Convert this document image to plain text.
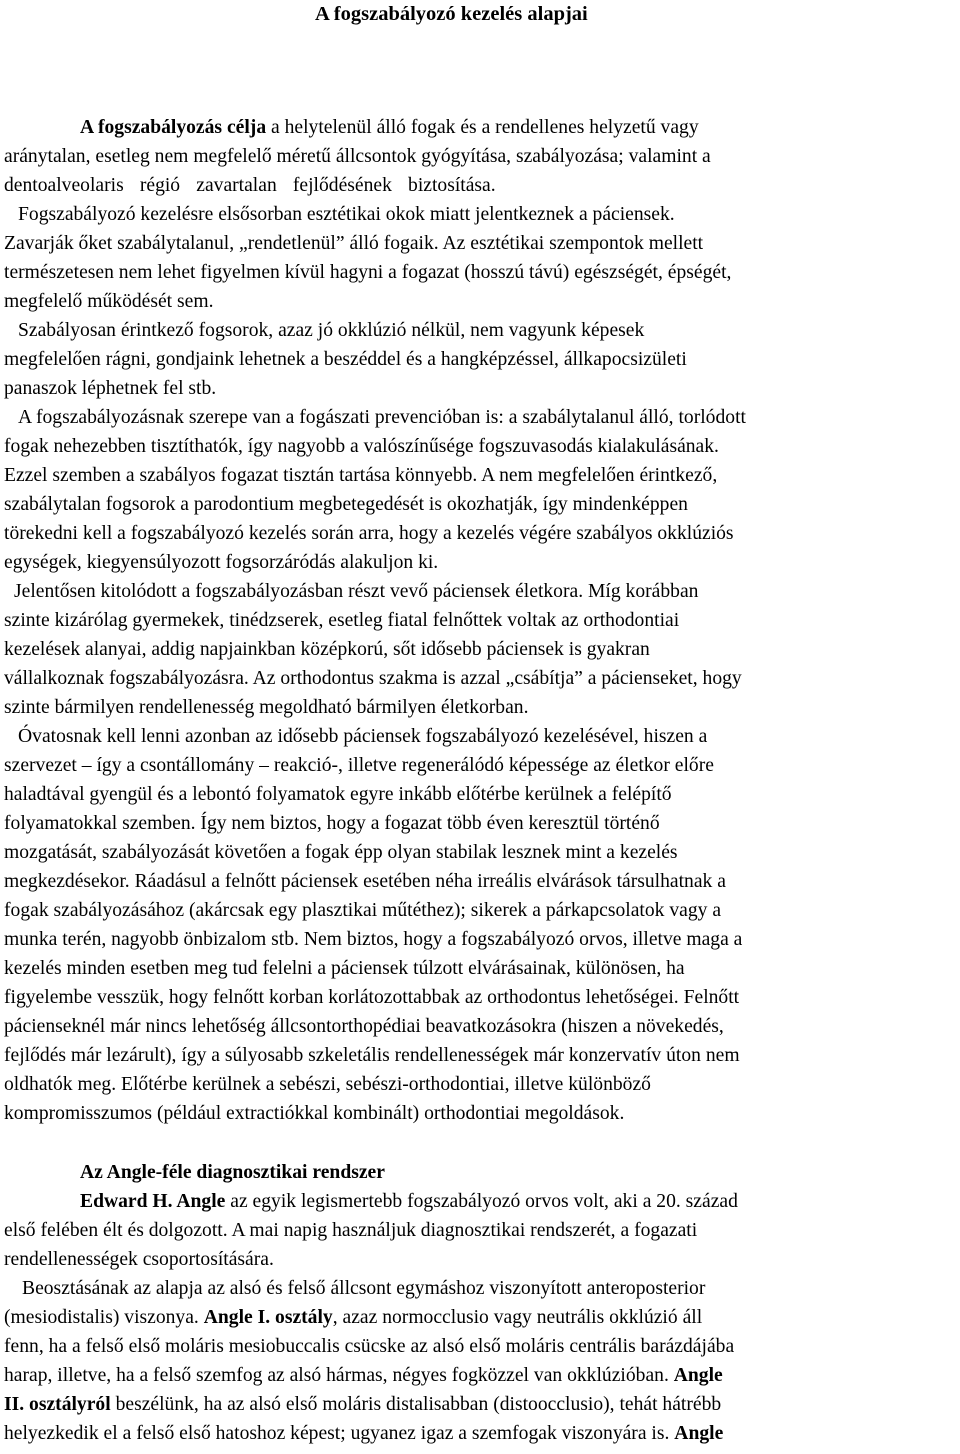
A fogszabályozó kezelés alapjai
A fogszabályozás célja a helytelenül álló fogak és a rendellenes helyzetű vagy
aránytalan, esetleg nem megfelelő méretű állcsontok gyógyítása, szabályozása; valamint a
dentoalveolaris régió zavartalan fejlődésének biztosítása.
Fogszabályozó kezelésre elsősorban esztétikai okok miatt jelentkeznek a páciensek.
Zavarják őket szabálytalanul, „rendetlenül” álló fogaik. Az esztétikai szempontok mellett
természetesen nem lehet figyelmen kívül hagyni a fogazat (hosszú távú) egészségét, épségét,
megfelelő működését sem.
Szabályosan érintkező fogsorok, azaz jó okklúzió nélkül, nem vagyunk képesek
megfelelően rágni, gondjaink lehetnek a beszéddel és a hangképzéssel, állkapocsizületi
panaszok léphetnek fel stb.
A fogszabályozásnak szerepe van a fogászati prevencióban is: a szabálytalanul álló, torlódott
fogak nehezebben tisztíthatók, így nagyobb a valószínűsége fogszuvasodás kialakulásának.
Ezzel szemben a szabályos fogazat tisztán tartása könnyebb. A nem megfelelően érintkező,
szabálytalan fogsorok a parodontium megbetegedését is okozhatják, így mindenképpen
törekedni kell a fogszabályozó kezelés során arra, hogy a kezelés végére szabályos okklúziós
egységek, kiegyensúlyozott fogsorzáródás alakuljon ki.
Jelentősen kitolódott a fogszabályozásban részt vevő páciensek életkora. Míg korábban
szinte kizárólag gyermekek, tinédzserek, esetleg fiatal felnőttek voltak az orthodontiai
kezelések alanyai, addig napjainkban középkorú, sőt idősebb páciensek is gyakran
vállalkoznak fogszabályozásra. Az orthodontus szakma is azzal „csábítja” a pácienseket, hogy
szinte bármilyen rendellenesség megoldható bármilyen életkorban.
Óvatosnak kell lenni azonban az idősebb páciensek fogszabályozó kezelésével, hiszen a
szervezet – így a csontállomány – reakció-, illetve regenerálódó képessége az életkor előre
haladtával gyengül és a lebontó folyamatok egyre inkább előtérbe kerülnek a felépítő
folyamatokkal szemben. Így nem biztos, hogy a fogazat több éven keresztül történő
mozgatását, szabályozását követően a fogak épp olyan stabilak lesznek mint a kezelés
megkezdésekor. Ráadásul a felnőtt páciensek esetében néha irreális elvárások társulhatnak a
fogak szabályozásához (akárcsak egy plasztikai műtéthez); sikerek a párkapcsolatok vagy a
munka terén, nagyobb önbizalom stb. Nem biztos, hogy a fogszabályozó orvos, illetve maga a
kezelés minden esetben meg tud felelni a páciensek túlzott elvárásainak, különösen, ha
figyelembe vesszük, hogy felnőtt korban korlátozottabbak az orthodontus lehetőségei. Felnőtt
pácienseknél már nincs lehetőség állcsontorthopédiai beavatkozásokra (hiszen a növekedés,
fejlődés már lezárult), így a súlyosabb szkeletális rendellenességek már konzervatív úton nem
oldhatók meg. Előtérbe kerülnek a sebészi, sebészi-orthodontiai, illetve különböző
kompromisszumos (például extractiókkal kombinált) orthodontiai megoldások.
Az Angle-féle diagnosztikai rendszer
Edward H. Angle az egyik legismertebb fogszabályozó orvos volt, aki a 20. század
első felében élt és dolgozott. A mai napig használjuk diagnosztikai rendszerét, a fogazati
rendellenességek csoportosítására.
Beosztásának az alapja az alsó és felső állcsont egymáshoz viszonyított anteroposterior
(mesiodistalis) viszonya. Angle I. osztály, azaz normocclusio vagy neutrális okklúzió áll
fenn, ha a felső első moláris mesiobuccalis csücske az alsó első moláris centrális barázdájába
harap, illetve, ha a felső szemfog az alsó hármas, négyes fogközzel van okklúzióban. Angle
II. osztályról beszélünk, ha az alsó első moláris distalisabban (distoocclusio), tehát hátrébb
helyezkedik el a felső első hatoshoz képest; ugyanez igaz a szemfogak viszonyára is. Angle
